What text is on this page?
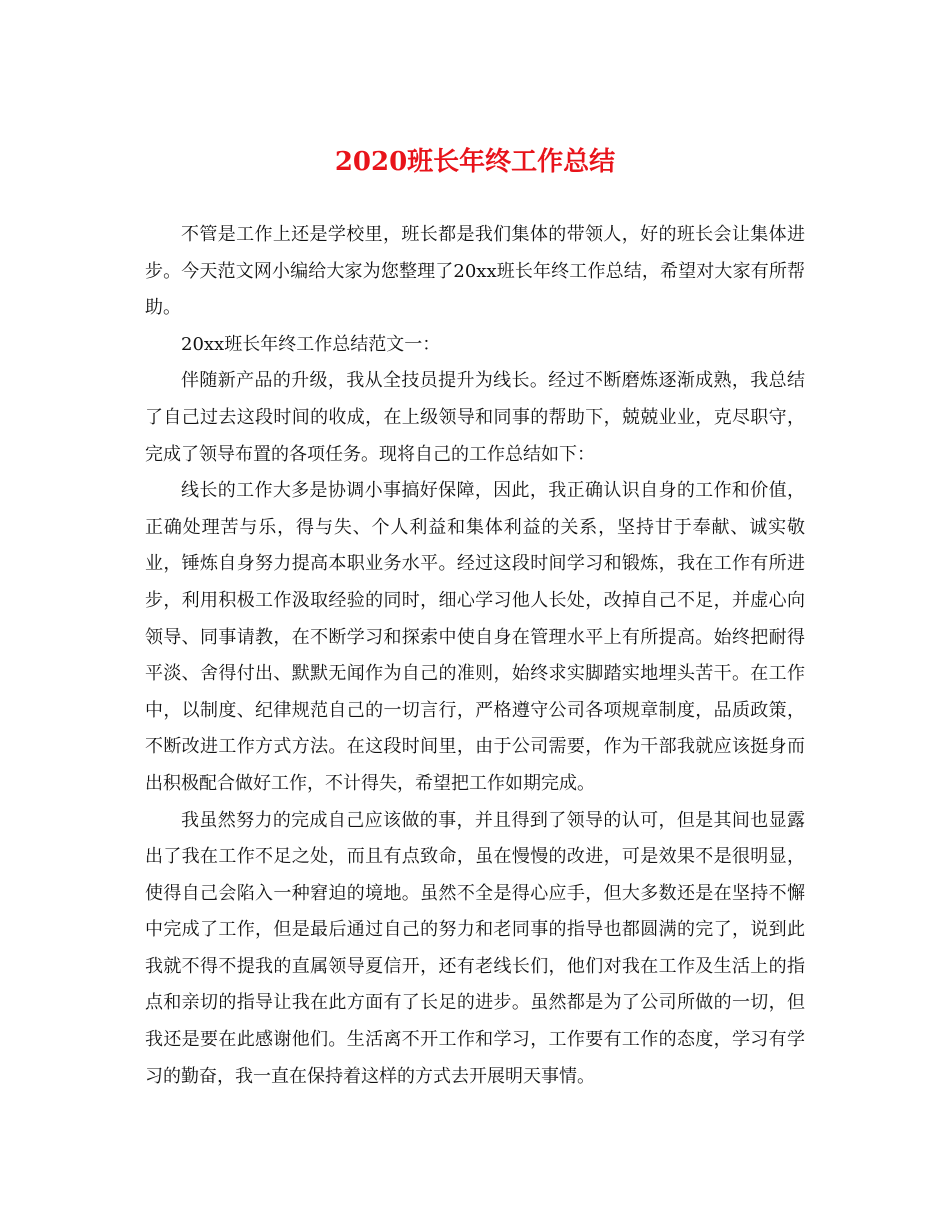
2020班长年终工作总结

不管是工作上还是学校里，班长都是我们集体的带领人，好的班长会让集体进步。今天范文网小编给大家为您整理了20xx班长年终工作总结，希望对大家有所帮助。

20xx班长年终工作总结范文一：

伴随新产品的升级，我从全技员提升为线长。经过不断磨炼逐渐成熟，我总结了自己过去这段时间的收成，在上级领导和同事的帮助下，兢兢业业，克尽职守，完成了领导布置的各项任务。现将自己的工作总结如下：

线长的工作大多是协调小事搞好保障，因此，我正确认识自身的工作和价值，正确处理苦与乐，得与失、个人利益和集体利益的关系，坚持甘于奉献、诚实敬业，锤炼自身努力提高本职业务水平。经过这段时间学习和锻炼，我在工作有所进步，利用积极工作汲取经验的同时，细心学习他人长处，改掉自己不足，并虚心向领导、同事请教，在不断学习和探索中使自身在管理水平上有所提高。始终把耐得平淡、舍得付出、默默无闻作为自己的准则，始终求实脚踏实地埋头苦干。在工作中，以制度、纪律规范自己的一切言行，严格遵守公司各项规章制度，品质政策，不断改进工作方式方法。在这段时间里，由于公司需要，作为干部我就应该挺身而出积极配合做好工作，不计得失，希望把工作如期完成。

我虽然努力的完成自己应该做的事，并且得到了领导的认可，但是其间也显露出了我在工作不足之处，而且有点致命，虽在慢慢的改进，可是效果不是很明显，使得自己会陷入一种窘迫的境地。虽然不全是得心应手，但大多数还是在坚持不懈中完成了工作，但是最后通过自己的努力和老同事的指导也都圆满的完了，说到此我就不得不提我的直属领导夏信开，还有老线长们，他们对我在工作及生活上的指点和亲切的指导让我在此方面有了长足的进步。虽然都是为了公司所做的一切，但我还是要在此感谢他们。生活离不开工作和学习，工作要有工作的态度，学习有学习的勤奋，我一直在保持着这样的方式去开展明天事情。
